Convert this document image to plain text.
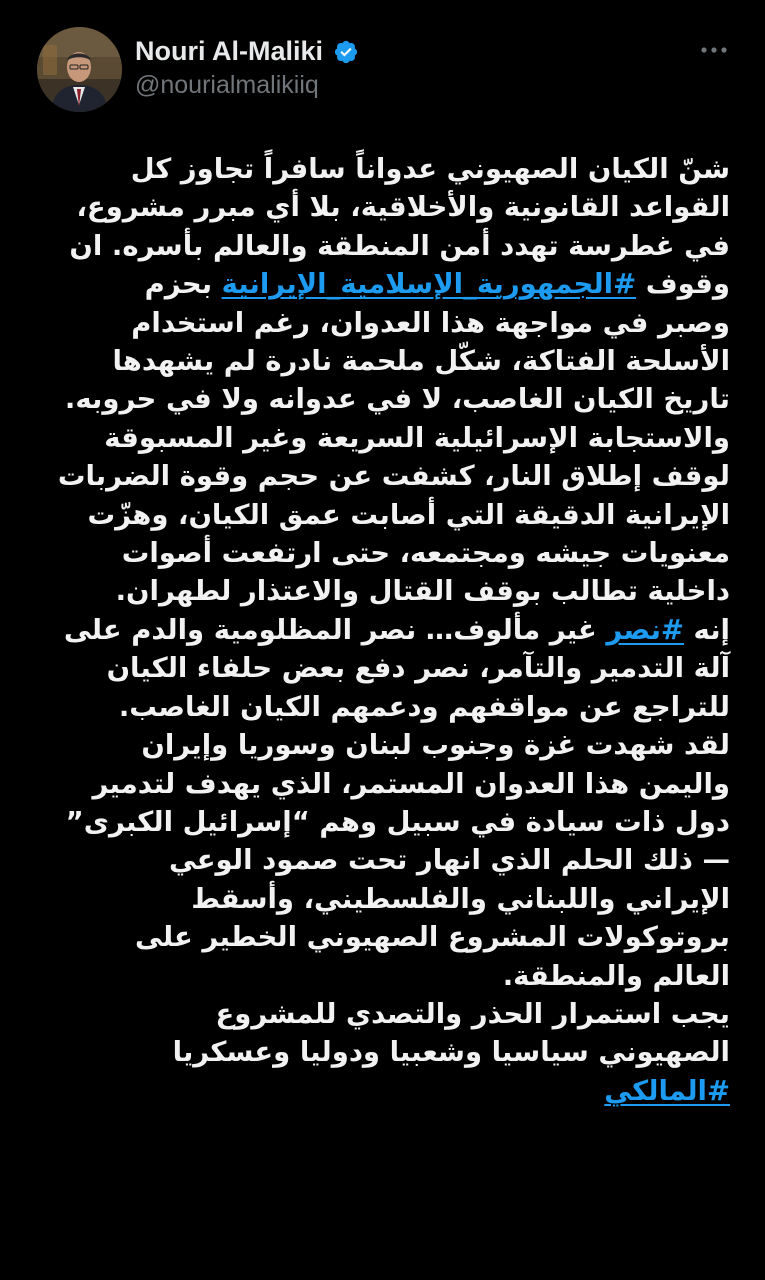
Nouri Al-Maliki
@nourialmalikiiq
شنّ الكيان الصهيوني عدواناً سافراً تجاوز كل
القواعد القانونية والأخلاقية، بلا أي مبرر مشروع،
في غطرسة تهدد أمن المنطقة والعالم بأسره. ان
وقوف #الجمهورية_الإسلامية_الإيرانية بحزم
وصبر في مواجهة هذا العدوان، رغم استخدام
الأسلحة الفتاكة، شكّل ملحمة نادرة لم يشهدها
تاريخ الكيان الغاصب، لا في عدوانه ولا في حروبه.
والاستجابة الإسرائيلية السريعة وغير المسبوقة
لوقف إطلاق النار، كشفت عن حجم وقوة الضربات
الإيرانية الدقيقة التي أصابت عمق الكيان، وهزّت
معنويات جيشه ومجتمعه، حتى ارتفعت أصوات
داخلية تطالب بوقف القتال والاعتذار لطهران.
إنه #نصر غير مألوف… نصر المظلومية والدم على
آلة التدمير والتآمر، نصر دفع بعض حلفاء الكيان
للتراجع عن مواقفهم ودعمهم الكيان الغاصب.
لقد شهدت غزة وجنوب لبنان وسوريا وإيران
واليمن هذا العدوان المستمر، الذي يهدف لتدمير
دول ذات سيادة في سبيل وهم “إسرائيل الكبرى”
— ذلك الحلم الذي انهار تحت صمود الوعي
الإيراني واللبناني والفلسطيني، وأسقط
بروتوكولات المشروع الصهيوني الخطير على
العالم والمنطقة.
يجب استمرار الحذر والتصدي للمشروع
الصهيوني سياسيا وشعبيا ودوليا وعسكريا
#المالكي
